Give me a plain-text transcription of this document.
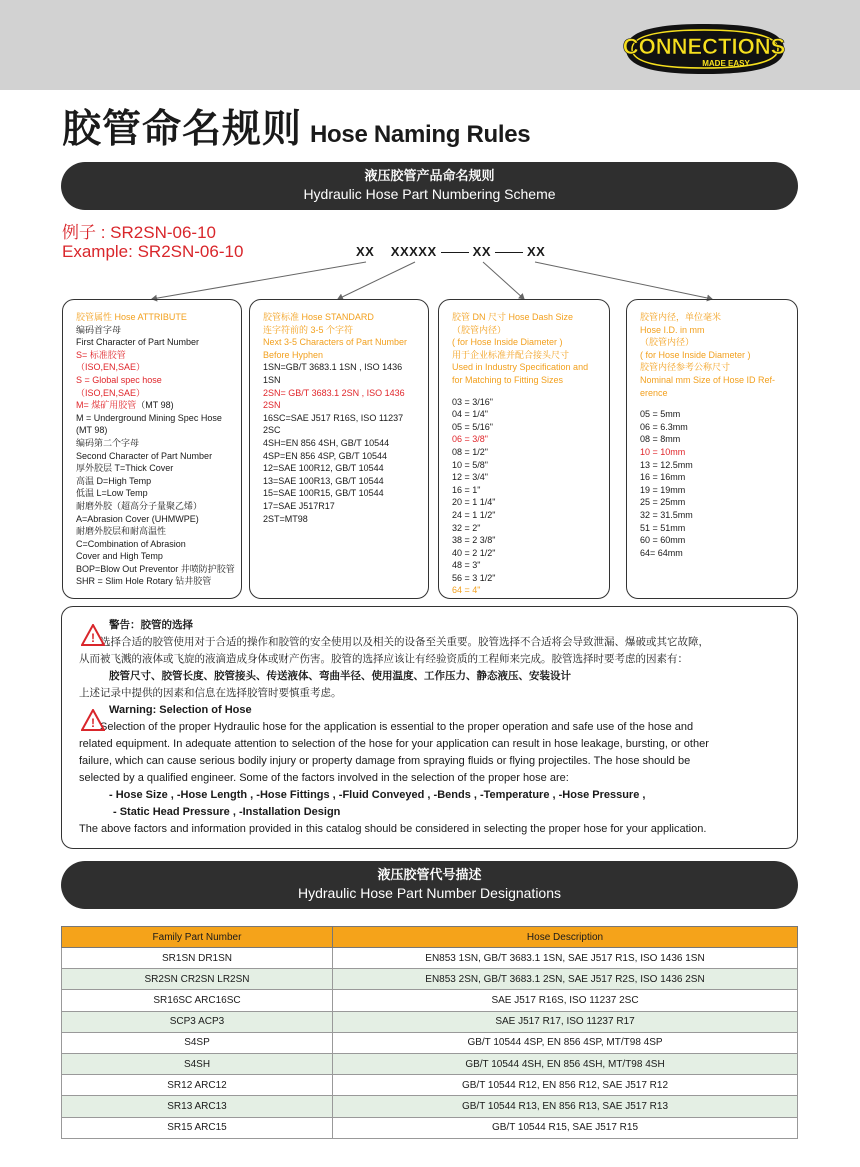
CONNECTIONS
MADE EASY
胶管命名规则 Hose Naming Rules
液压胶管产品命名规则
Hydraulic Hose Part Numbering Scheme
例子 : SR2SN-06-10
Example: SR2SN-06-10	XX XXXXX	XX	XX
胶管属性 Hose ATTRIBUTE
编码首字母
First Character of Part Number
S= 标准胶管
（ISO,EN,SAE）
S = Global spec hose
（ISO,EN,SAE）
M= 煤矿用胶管（MT 98)
M = Underground Mining Spec Hose
(MT 98)
编码第二个字母
Second Character of Part Number
厚外胶层 T=Thick Cover
高温 D=High Temp
低温 L=Low Temp
耐磨外胶（超高分子量聚乙烯）
A=Abrasion Cover (UHMWPE)
耐磨外胶层和耐高温性
C=Combination of Abrasion
Cover and High Temp
BOP=Blow Out Preventor 井喷防护胶管
SHR = Slim Hole Rotary 钻井胶管
胶管标准 Hose STANDARD
连字符前的 3-5 个字符
Next 3-5 Characters of Part Number
Before Hyphen
1SN=GB/T 3683.1 1SN , ISO 1436
1SN
2SN= GB/T 3683.1 2SN , ISO 1436
2SN
16SC=SAE J517 R16S, ISO 11237
2SC
4SH=EN 856 4SH, GB/T 10544
4SP=EN 856 4SP, GB/T 10544
12=SAE 100R12, GB/T 10544
13=SAE 100R13, GB/T 10544
15=SAE 100R15, GB/T 10544
17=SAE J517R17
2ST=MT98
胶管 DN 尺寸 Hose Dash Size
（胶管内径）
( for Hose Inside Diameter )
用于企业标准并配合接头尺寸
Used in Industry Specification and
for Matching to Fitting Sizes
03 = 3/16"
04 = 1/4"
05 = 5/16"
06 = 3/8"
08 = 1/2"
10 = 5/8"
12 = 3/4"
16 = 1"
20 = 1 1/4"
24 = 1 1/2"
32 = 2"
38 = 2 3/8"
40 = 2 1/2"
48 = 3"
56 = 3 1/2"
64 = 4"
胶管内径，单位毫米
Hose I.D. in mm
（胶管内径）
( for Hose Inside Diameter )
胶管内径参考公称尺寸
Nominal mm Size of Hose ID Ref-
erence
05 = 5mm
06 = 6.3mm
08 = 8mm
10 = 10mm
13 = 12.5mm
16 = 16mm
19 = 19mm
25 = 25mm
32 = 31.5mm
51 = 51mm
60 = 60mm
64= 64mm
警告：胶管的选择
! 选择合适的胶管使用对于合适的操作和胶管的安全使用以及相关的设备至关重要。胶管选择不合适将会导致泄漏、爆破或其它故障，
从而被飞溅的液体或飞旋的液滴造成身体或财产伤害。胶管的选择应该让有经验资质的工程师来完成。胶管选择时要考虑的因素有：
胶管尺寸、胶管长度、胶管接头、传送液体、弯曲半径、使用温度、工作压力、静态液压、安装设计
上述记录中提供的因素和信息在选择胶管时要慎重考虑。
Warning: Selection of Hose
! Selection of the proper Hydraulic hose for the application is essential to the proper operation and safe use of the hose and
related equipment. In adequate attention to selection of the hose for your application can result in hose leakage, bursting, or other
failure, which can cause serious bodily injury or property damage from spraying fluids or flying projectiles. The hose should be
selected by a qualified engineer. Some of the factors involved in the selection of the proper hose are:
- Hose Size , -Hose Length , -Hose Fittings , -Fluid Conveyed , -Bends , -Temperature , -Hose Pressure ,
- Static Head Pressure , -Installation Design
The above factors and information provided in this catalog should be considered in selecting the proper hose for your application.
液压胶管代号描述
Hydraulic Hose Part Number Designations
Family Part Number	Hose Description
SR1SN DR1SN	EN853 1SN, GB/T 3683.1 1SN, SAE J517 R1S, ISO 1436 1SN
SR2SN CR2SN LR2SN	EN853 2SN, GB/T 3683.1 2SN, SAE J517 R2S, ISO 1436 2SN
SR16SC ARC16SC	SAE J517 R16S, ISO 11237 2SC
SCP3 ACP3	SAE J517 R17, ISO 11237 R17
S4SP	GB/T 10544 4SP, EN 856 4SP, MT/T98 4SP
S4SH	GB/T 10544 4SH, EN 856 4SH, MT/T98 4SH
SR12 ARC12	GB/T 10544 R12, EN 856 R12, SAE J517 R12
SR13 ARC13	GB/T 10544 R13, EN 856 R13, SAE J517 R13
SR15 ARC15	GB/T 10544 R15, SAE J517 R15
